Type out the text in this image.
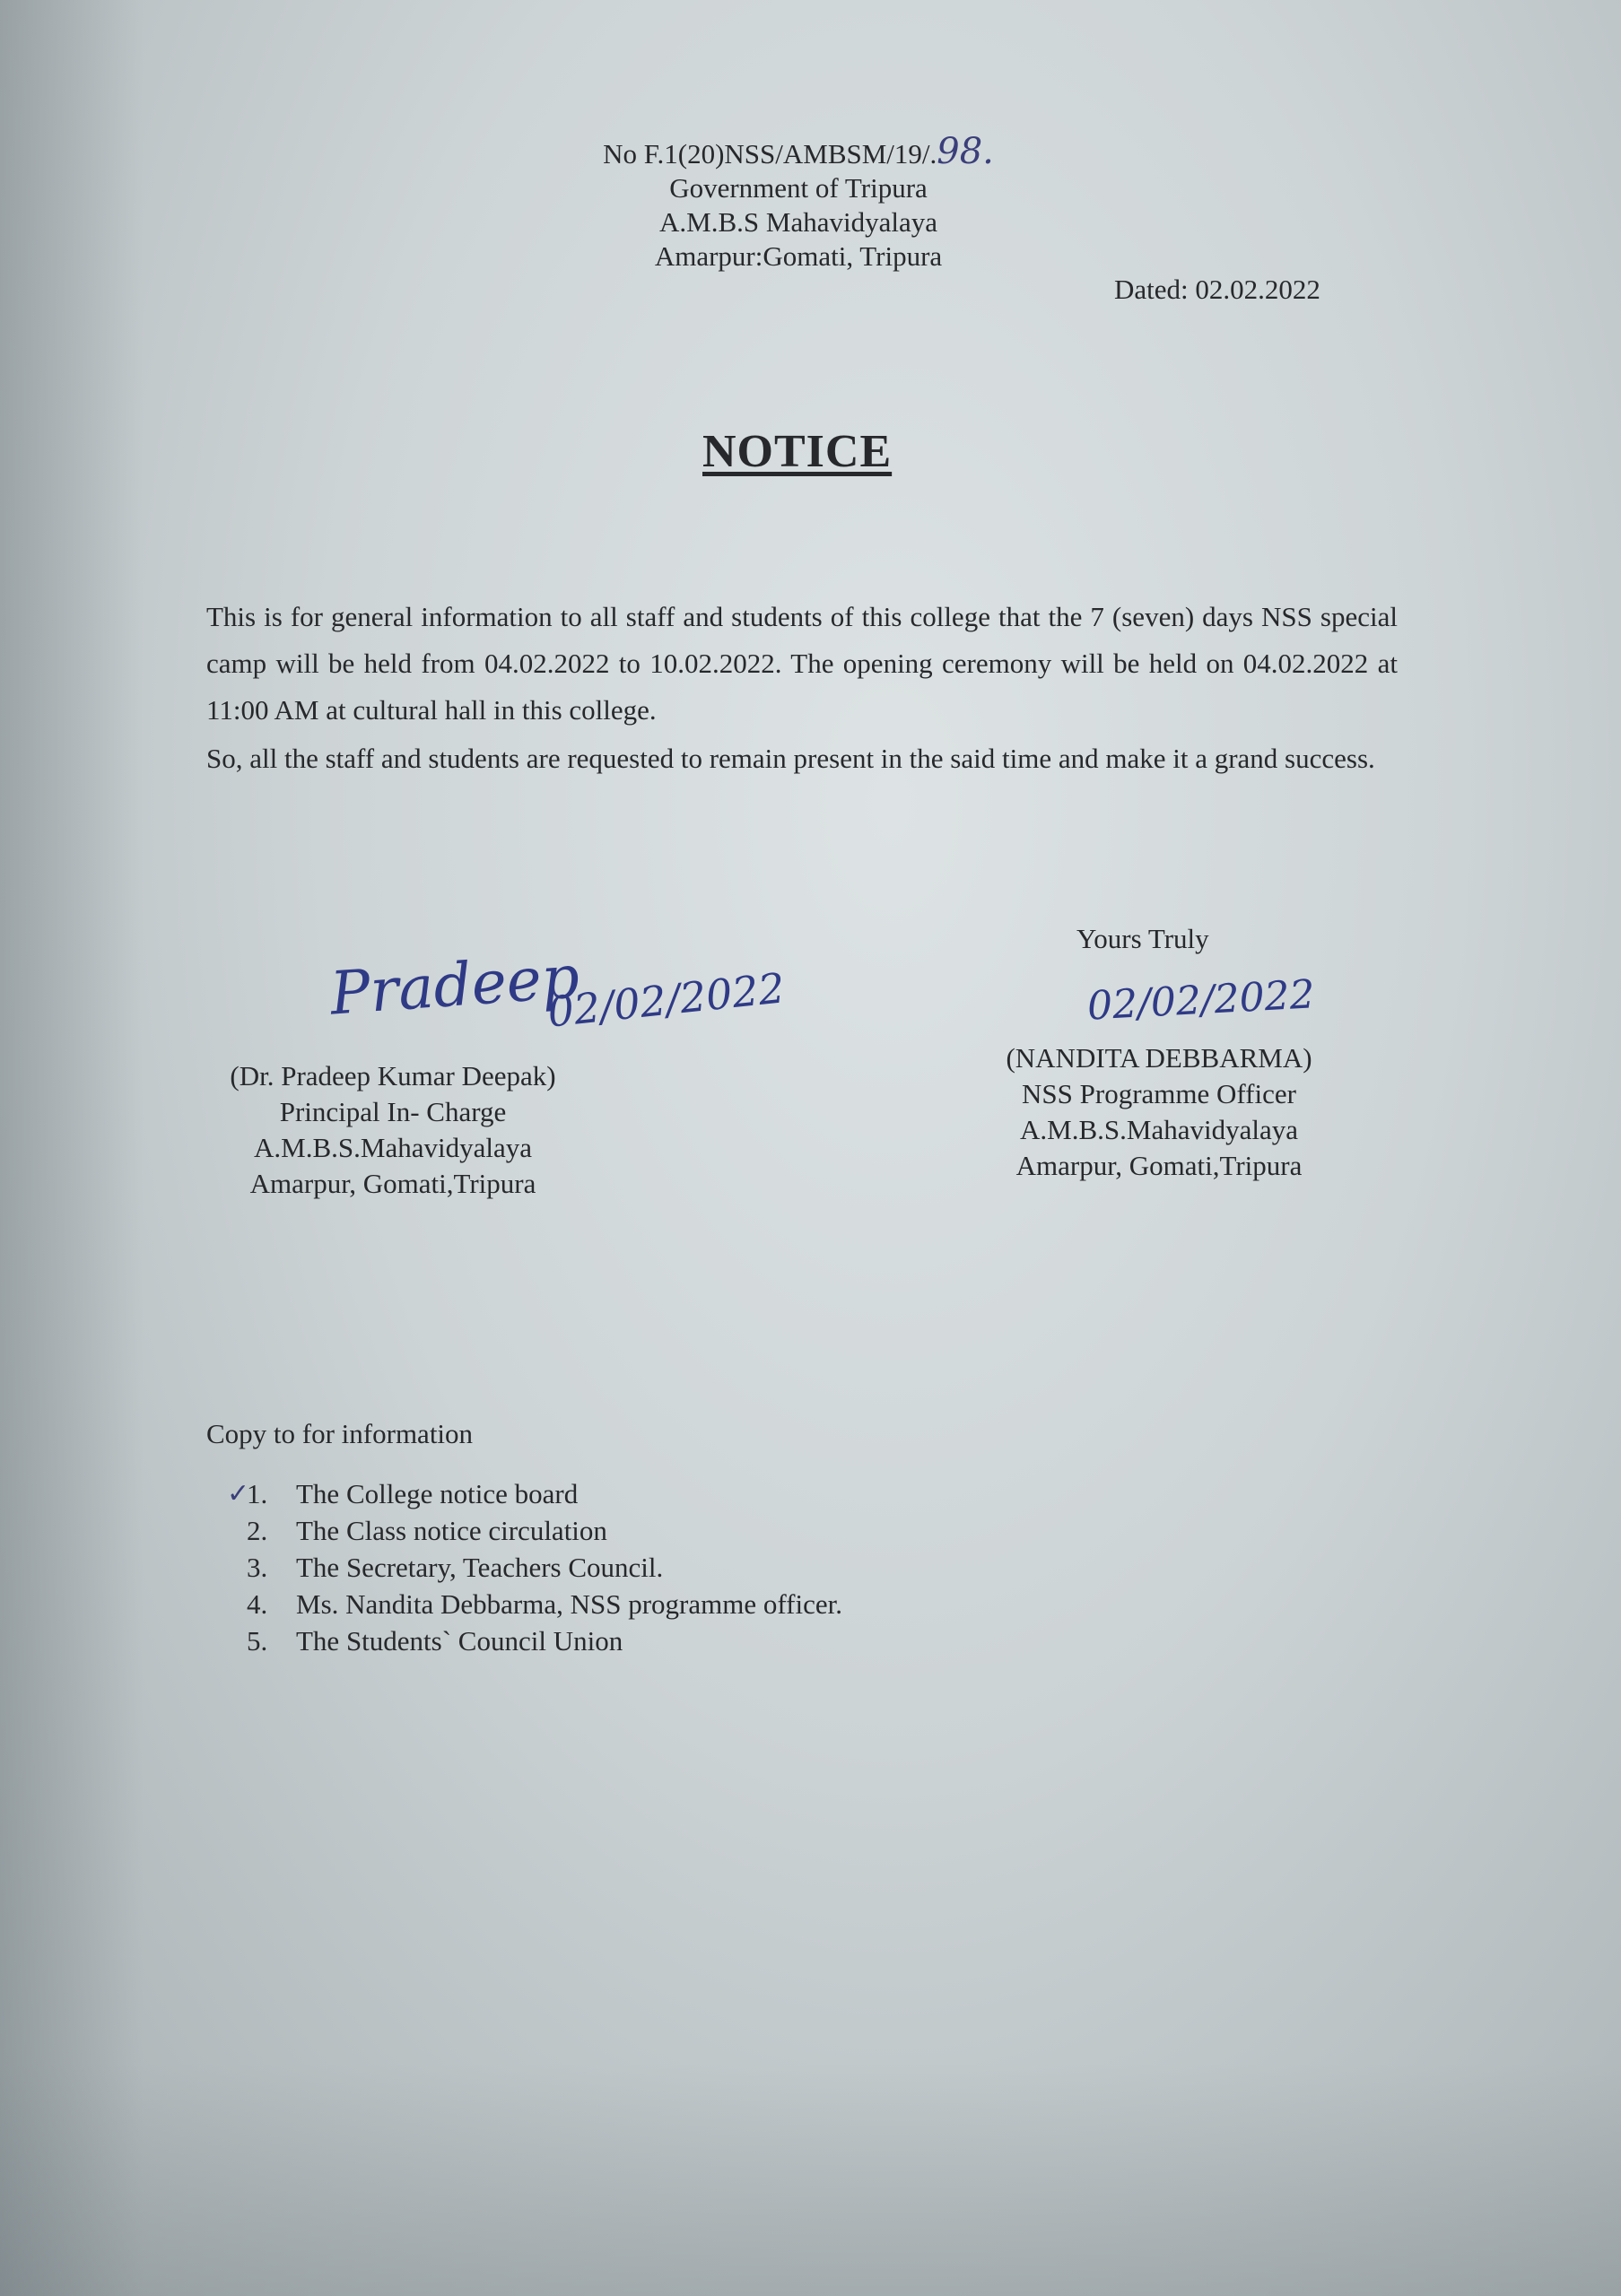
No F.1(20)NSS/AMBSM/19/.98.
Government of Tripura
A.M.B.S Mahavidyalaya
Amarpur:Gomati, Tripura
Dated: 02.02.2022
NOTICE
This is for general information to all staff and students of this college that the 7 (seven) days NSS special camp will be held from 04.02.2022 to 10.02.2022. The opening ceremony will be held on 04.02.2022 at 11:00 AM at cultural hall in this college.
So, all the staff and students are requested to remain present in the said time and make it a grand success.
Yours Truly
Pradeep
02/02/2022	02/02/2022
(Dr. Pradeep Kumar Deepak)
Principal In- Charge
A.M.B.S.Mahavidyalaya
Amarpur, Gomati,Tripura
(NANDITA DEBBARMA)
NSS Programme Officer
A.M.B.S.Mahavidyalaya
Amarpur, Gomati,Tripura
Copy to for information
✓
1. The College notice board
2. The Class notice circulation
3. The Secretary, Teachers Council.
4. Ms. Nandita Debbarma, NSS programme officer.
5. The Students` Council Union
